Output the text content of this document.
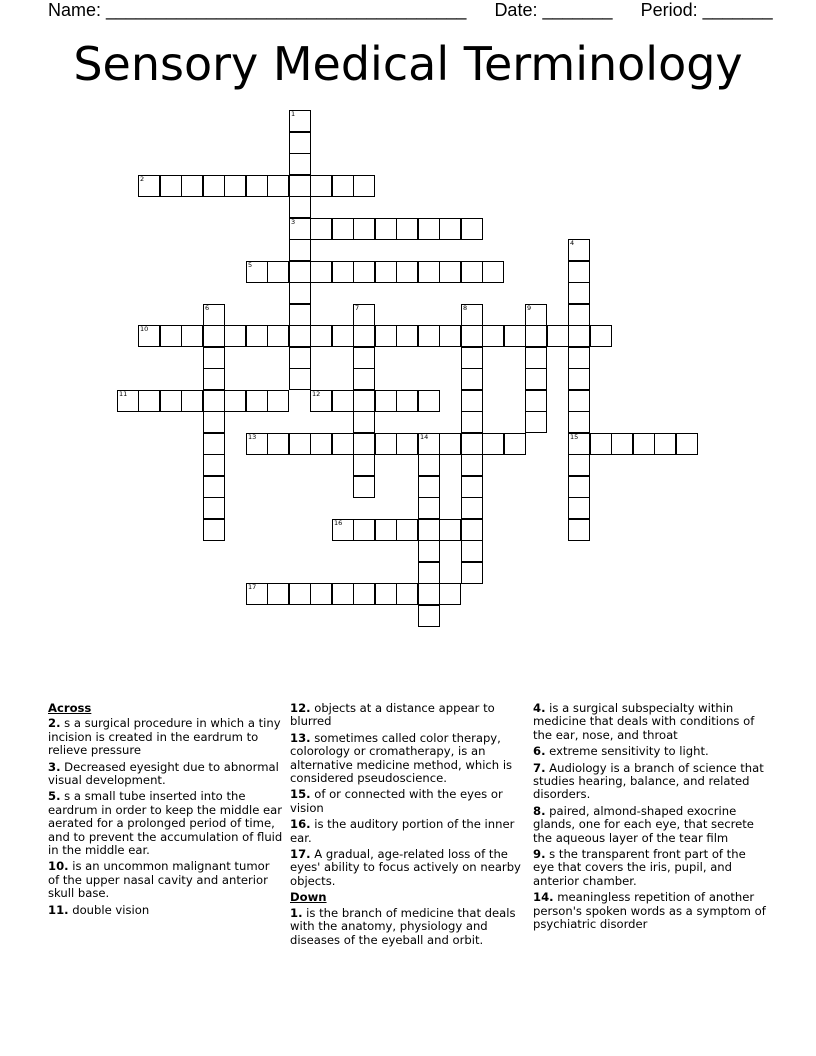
Name: ____________________________________ Date: _______ Period: _______
Sensory Medical Terminology
1
2
3
4
5
6	7	8	9
10
11	12
13	14	15
16
17
Across
2. s a surgical procedure in which a tiny incision is created in the eardrum to relieve pressure
3. Decreased eyesight due to abnormal visual development.
5. s a small tube inserted into the eardrum in order to keep the middle ear aerated for a prolonged period of time, and to prevent the accumulation of fluid in the middle ear.
10. is an uncommon malignant tumor of the upper nasal cavity and anterior skull base.
11. double vision
12. objects at a distance appear to blurred
13. sometimes called color therapy, colorology or cromatherapy, is an alternative medicine method, which is considered pseudoscience.
15. of or connected with the eyes or vision
16. is the auditory portion of the inner ear.
17. A gradual, age-related loss of the eyes' ability to focus actively on nearby objects.
Down
1. is the branch of medicine that deals with the anatomy, physiology and diseases of the eyeball and orbit.
4. is a surgical subspecialty within medicine that deals with conditions of the ear, nose, and throat
6. extreme sensitivity to light.
7. Audiology is a branch of science that studies hearing, balance, and related disorders.
8. paired, almond-shaped exocrine glands, one for each eye, that secrete the aqueous layer of the tear film
9. s the transparent front part of the eye that covers the iris, pupil, and anterior chamber.
14. meaningless repetition of another person's spoken words as a symptom of psychiatric disorder
